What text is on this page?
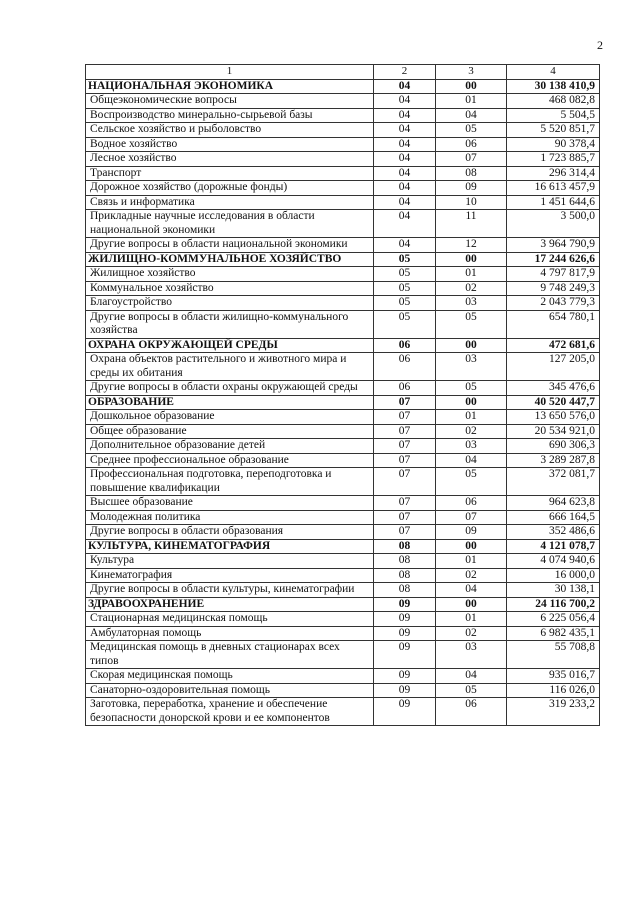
2
1	2	3	4
НАЦИОНАЛЬНАЯ ЭКОНОМИКА	04	00	30 138 410,9
Общеэкономические вопросы	04	01	468 082,8
Воспроизводство минерально-сырьевой базы	04	04	5 504,5
Сельское хозяйство и рыболовство	04	05	5 520 851,7
Водное хозяйство	04	06	90 378,4
Лесное хозяйство	04	07	1 723 885,7
Транспорт	04	08	296 314,4
Дорожное хозяйство (дорожные фонды)	04	09	16 613 457,9
Связь и информатика	04	10	1 451 644,6
Прикладные научные исследования в области национальной экономики	04	11	3 500,0
Другие вопросы в области национальной экономики	04	12	3 964 790,9
ЖИЛИЩНО-КОММУНАЛЬНОЕ ХОЗЯЙСТВО	05	00	17 244 626,6
Жилищное хозяйство	05	01	4 797 817,9
Коммунальное хозяйство	05	02	9 748 249,3
Благоустройство	05	03	2 043 779,3
Другие вопросы в области жилищно-коммунального хозяйства	05	05	654 780,1
ОХРАНА ОКРУЖАЮЩЕЙ СРЕДЫ	06	00	472 681,6
Охрана объектов растительного и животного мира и среды их обитания	06	03	127 205,0
Другие вопросы в области охраны окружающей среды	06	05	345 476,6
ОБРАЗОВАНИЕ	07	00	40 520 447,7
Дошкольное образование	07	01	13 650 576,0
Общее образование	07	02	20 534 921,0
Дополнительное образование детей	07	03	690 306,3
Среднее профессиональное образование	07	04	3 289 287,8
Профессиональная подготовка, переподготовка и повышение квалификации	07	05	372 081,7
Высшее образование	07	06	964 623,8
Молодежная политика	07	07	666 164,5
Другие вопросы в области образования	07	09	352 486,6
КУЛЬТУРА, КИНЕМАТОГРАФИЯ	08	00	4 121 078,7
Культура	08	01	4 074 940,6
Кинематография	08	02	16 000,0
Другие вопросы в области культуры, кинематографии	08	04	30 138,1
ЗДРАВООХРАНЕНИЕ	09	00	24 116 700,2
Стационарная медицинская помощь	09	01	6 225 056,4
Амбулаторная помощь	09	02	6 982 435,1
Медицинская помощь в дневных стационарах всех типов	09	03	55 708,8
Скорая медицинская помощь	09	04	935 016,7
Санаторно-оздоровительная помощь	09	05	116 026,0
Заготовка, переработка, хранение и обеспечение безопасности донорской крови и ее компонентов	09	06	319 233,2
